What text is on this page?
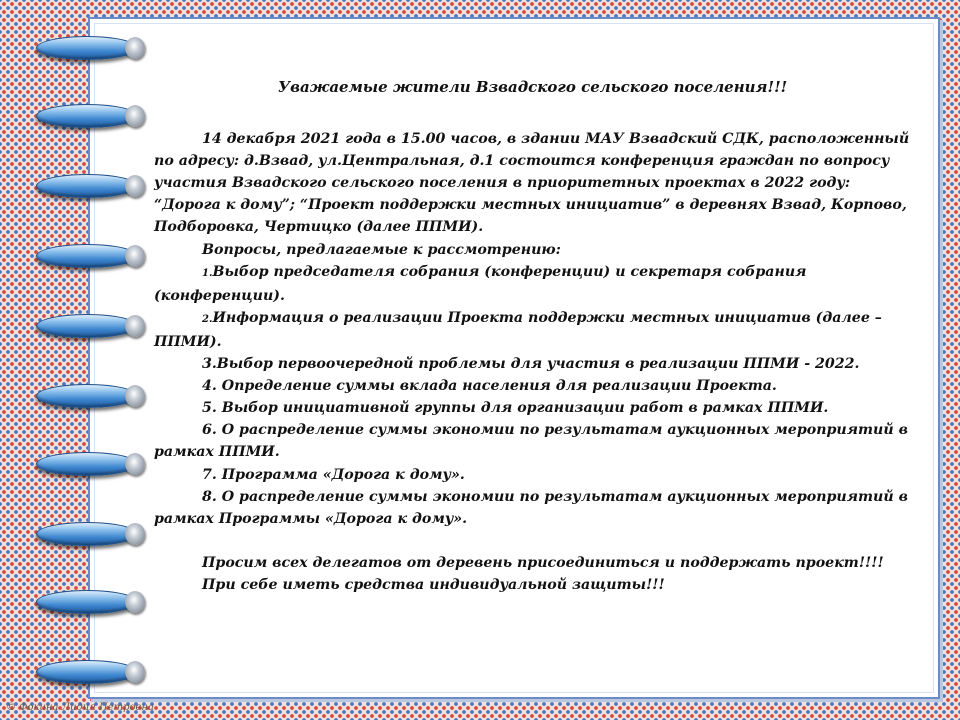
Уважаемые жители Взвадского сельского поселения!!!

14 декабря 2021 года в 15.00 часов, в здании МАУ Взвадский СДК, расположенный по адресу: д.Взвад, ул.Центральная, д.1 состоится конференция граждан по вопросу участия Взвадского сельского поселения в приоритетных проектах в 2022 году: “Дорога к дому”; “Проект поддержки местных инициатив” в деревнях Взвад, Корпово, Подборовка, Чертицко (далее ППМИ).

Вопросы, предлагаемые к рассмотрению:

1.Выбор председателя собрания (конференции) и секретаря собрания (конференции).

2.Информация о реализации Проекта поддержки местных инициатив (далее – ППМИ).

3.Выбор первоочередной проблемы для участия в реализации ППМИ - 2022.

4. Определение суммы вклада населения для реализации Проекта.

5. Выбор инициативной группы для организации работ в рамках ППМИ.

6. О распределение суммы экономии по результатам аукционных мероприятий в рамках ППМИ.

7. Программа «Дорога к дому».

8. О распределение суммы экономии по результатам аукционных мероприятий в рамках Программы «Дорога к дому».

Просим всех делегатов от деревень присоединиться и поддержать проект!!!!

При себе иметь средства индивидуальной защиты!!!

© Фокина Лидия Петровна
